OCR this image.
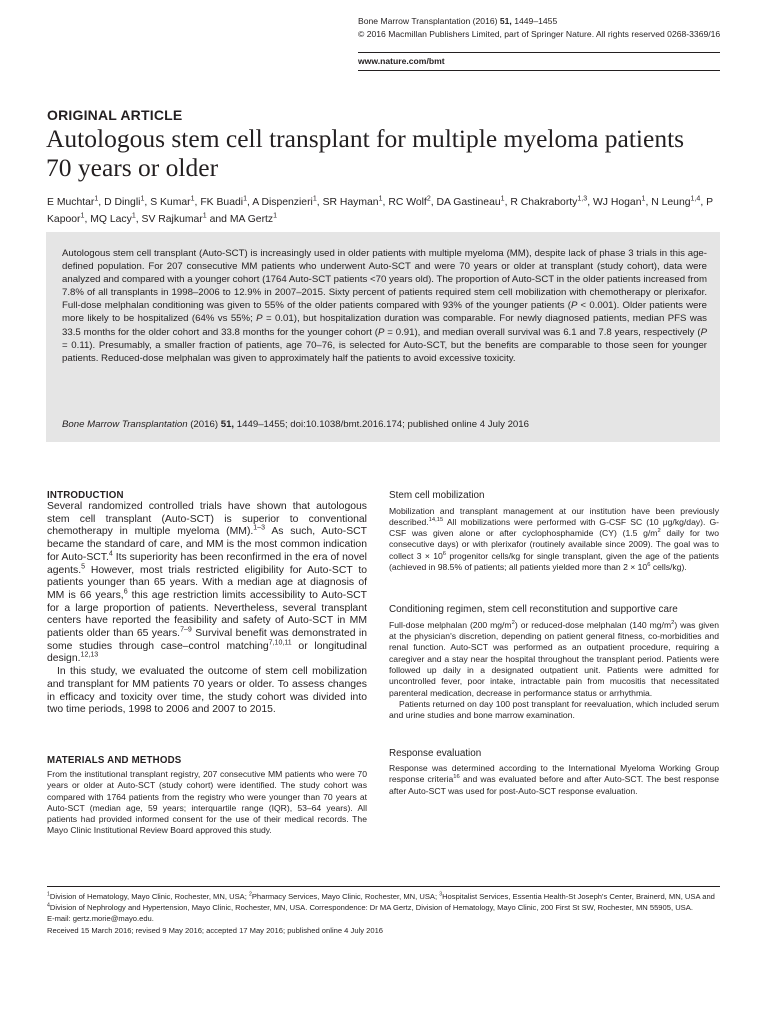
Bone Marrow Transplantation (2016) 51, 1449–1455
© 2016 Macmillan Publishers Limited, part of Springer Nature. All rights reserved 0268-3369/16
www.nature.com/bmt
ORIGINAL ARTICLE
Autologous stem cell transplant for multiple myeloma patients
70 years or older
E Muchtar$^1$, D Dingli$^1$, S Kumar$^1$, FK Buadi$^1$, A Dispenzieri$^1$, SR Hayman$^1$, RC Wolf$^2$, DA Gastineau$^1$, R Chakraborty$^{1,3}$, WJ Hogan$^1$, N Leung$^{1,4}$, P Kapoor$^1$, MQ Lacy$^1$, SV Rajkumar$^1$ and MA Gertz$^1$
Autologous stem cell transplant (Auto-SCT) is increasingly used in older patients with multiple myeloma (MM), despite lack of phase 3 trials in this age-defined population. For 207 consecutive MM patients who underwent Auto-SCT and were 70 years or older at transplant (study cohort), data were analyzed and compared with a younger cohort (1764 Auto-SCT patients <70 years old). The proportion of Auto-SCT in the older patients increased from 7.8% of all transplants in 1998–2006 to 12.9% in 2007–2015. Sixty percent of patients required stem cell mobilization with chemotherapy or plerixafor. Full-dose melphalan conditioning was given to 55% of the older patients compared with 93% of the younger patients (P < 0.001). Older patients were more likely to be hospitalized (64% vs 55%; P = 0.01), but hospitalization duration was comparable. For newly diagnosed patients, median PFS was 33.5 months for the older cohort and 33.8 months for the younger cohort (P = 0.91), and median overall survival was 6.1 and 7.8 years, respectively (P = 0.11). Presumably, a smaller fraction of patients, age 70–76, is selected for Auto-SCT, but the benefits are comparable to those seen for younger patients. Reduced-dose melphalan was given to approximately half the patients to avoid excessive toxicity.
Bone Marrow Transplantation (2016) 51, 1449–1455; doi:10.1038/bmt.2016.174; published online 4 July 2016
INTRODUCTION

Several randomized controlled trials have shown that autologous stem cell transplant (Auto-SCT) is superior to conventional chemotherapy in multiple myeloma (MM).$^{1-3}$ As such, Auto-SCT became the standard of care, and MM is the most common indication for Auto-SCT.$^4$ Its superiority has been reconfirmed in the era of novel agents.$^5$ However, most trials restricted eligibility for Auto-SCT to patients younger than 65 years. With a median age at diagnosis of MM is 66 years,$^6$ this age restriction limits accessibility to Auto-SCT for a large proportion of patients. Nevertheless, several transplant centers have reported the feasibility and safety of Auto-SCT in MM patients older than 65 years.$^{7-9}$ Survival benefit was demonstrated in some studies through case–control matching$^{7,10,11}$ or longitudinal design.$^{12,13}$

In this study, we evaluated the outcome of stem cell mobilization and transplant for MM patients 70 years or older. To assess changes in efficacy and toxicity over time, the study cohort was divided into two time periods, 1998 to 2006 and 2007 to 2015.

MATERIALS AND METHODS

From the institutional transplant registry, 207 consecutive MM patients who were 70 years or older at Auto-SCT (study cohort) were identified. The study cohort was compared with 1764 patients from the registry who were younger than 70 years at Auto-SCT (median age, 59 years; interquartile range (IQR), 53–64 years). All patients had provided informed consent for the use of their medical records. The Mayo Clinic Institutional Review Board approved this study.

Stem cell mobilization

Mobilization and transplant management at our institution have been previously described.$^{14,15}$ All mobilizations were performed with G-CSF SC (10 μg/kg/day). G-CSF was given alone or after cyclophosphamide (CY) (1.5 $g/m^2$ daily for two consecutive days) or with plerixafor (routinely available since 2009). The goal was to collect $3 \times 10^6$ progenitor cells/kg for single transplant, given the age of the patients (achieved in 98.5% of patients; all patients yielded more than $2 \times 10^6$ cells/kg).

Conditioning regimen, stem cell reconstitution and supportive care

Full-dose melphalan (200 $mg/m^2$) or reduced-dose melphalan (140 $mg/m^2$) was given at the physician's discretion, depending on patient general fitness, co-morbidities and renal function. Auto-SCT was performed as an outpatient procedure, requiring a caregiver and a stay near the hospital throughout the transplant period. Patients were followed up daily in a designated outpatient unit. Patients were admitted for uncontrolled fever, poor intake, intractable pain from mucositis that necessitated parenteral medication, decrease in performance status or arrhythmia.

Patients returned on day 100 post transplant for reevaluation, which included serum and urine studies and bone marrow examination.

Response evaluation

Response was determined according to the International Myeloma Working Group response criteria$^{16}$ and was evaluated before and after Auto-SCT. The best response after Auto-SCT was used for post-Auto-SCT response evaluation.

$^1$Division of Hematology, Mayo Clinic, Rochester, MN, USA; $^2$Pharmacy Services, Mayo Clinic, Rochester, MN, USA; $^3$Hospitalist Services, Essentia Health-St Joseph's Center, Brainerd, MN, USA and $^4$Division of Nephrology and Hypertension, Mayo Clinic, Rochester, MN, USA. Correspondence: Dr MA Gertz, Division of Hematology, Mayo Clinic, 200 First St SW, Rochester, MN 55905, USA.

E-mail: gertz.morie@mayo.edu.

Received 15 March 2016; revised 9 May 2016; accepted 17 May 2016; published online 4 July 2016
